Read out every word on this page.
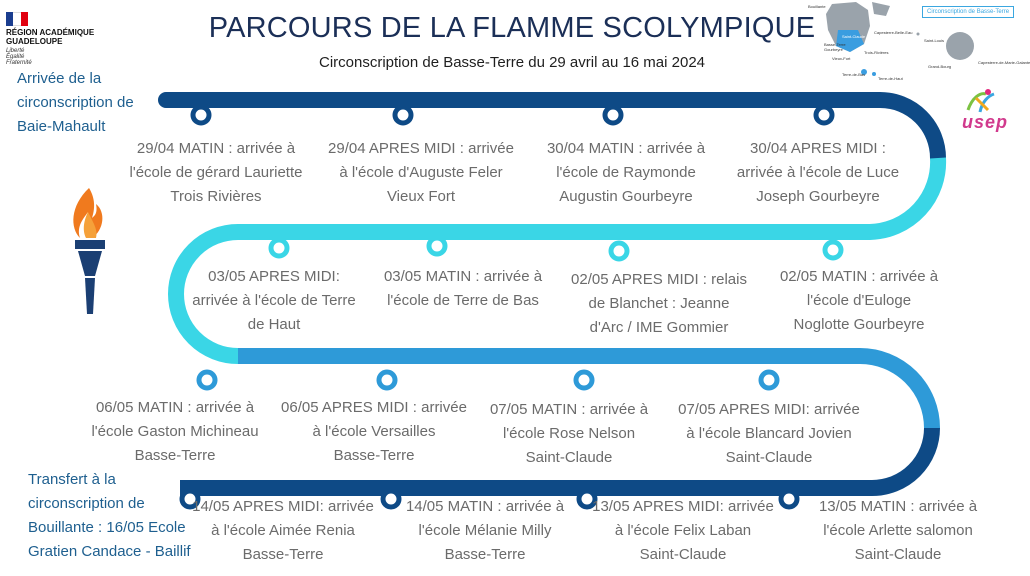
PARCOURS DE LA FLAMME SCOLYMPIQUE
Circonscription de Basse-Terre du 29 avril au 16 mai 2024
RÉGION ACADÉMIQUE
GUADELOUPE
Liberté
Égalité
Fraternité
Circonscription de Basse-Terre
Bouillante
Saint-Claude
Basse-Terre
Gourbeyre
Trois-Rivières
Vieux-Fort
Capesterre-Belle-Eau
Terre-de-Haut
Terre-de-Bas
Saint-Louis
Grand-Bourg
Capesterre-de-Marie-Galante
usep
Arrivée de la
circonscription de
Baie-Mahault
Transfert à la
circonscription de
Bouillante : 16/05 Ecole
Gratien Candace - Baillif
29/04 MATIN : arrivée à
l'école de gérard Lauriette
Trois Rivières
29/04 APRES MIDI : arrivée
à l'école d'Auguste Feler
Vieux Fort
30/04 MATIN : arrivée à
l'école de Raymonde
Augustin Gourbeyre
30/04 APRES MIDI :
arrivée à l'école de Luce
Joseph Gourbeyre
03/05 APRES MIDI:
arrivée à l'école de Terre
de Haut
03/05 MATIN : arrivée à
l'école de Terre de Bas
02/05 APRES MIDI : relais
de Blanchet : Jeanne
d'Arc / IME Gommier
02/05 MATIN : arrivée à
l'école d'Euloge
Noglotte Gourbeyre
06/05 MATIN : arrivée à
l'école Gaston Michineau
Basse-Terre
06/05 APRES MIDI : arrivée
à l'école Versailles
Basse-Terre
07/05 MATIN : arrivée à
l'école Rose Nelson
Saint-Claude
07/05 APRES MIDI: arrivée
à l'école Blancard Jovien
Saint-Claude
14/05 APRES MIDI: arrivée
à l'école Aimée Renia
Basse-Terre
14/05 MATIN : arrivée à
l'école Mélanie Milly
Basse-Terre
13/05 APRES MIDI: arrivée
à l'école Felix Laban
Saint-Claude
13/05 MATIN : arrivée à
l'école Arlette salomon
Saint-Claude
